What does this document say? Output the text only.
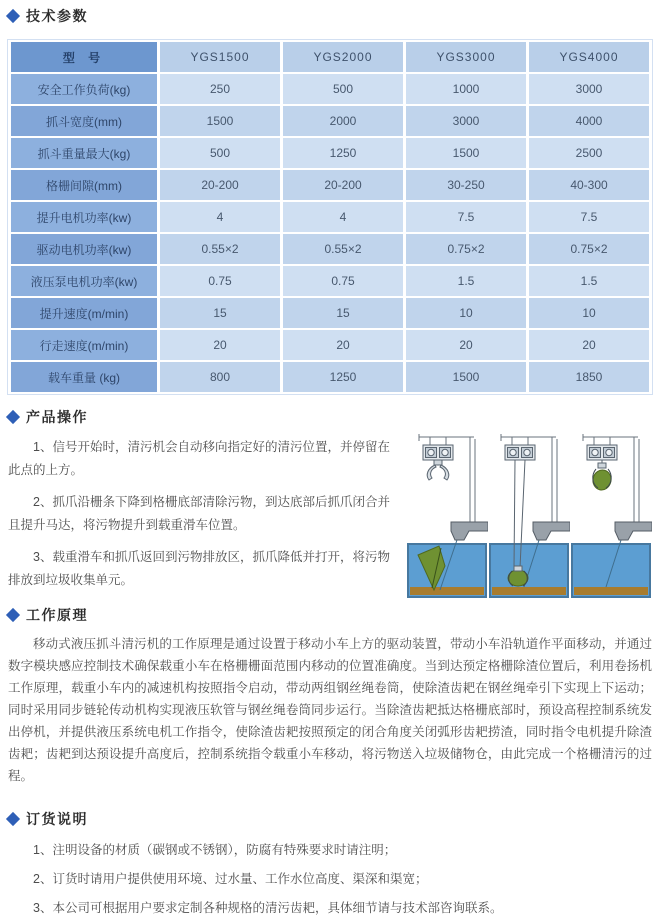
技术参数
型 号	YGS1500	YGS2000	YGS3000	YGS4000
安全工作负荷(kg)	250	500	1000	3000
抓斗宽度(mm)	1500	2000	3000	4000
抓斗重量最大(kg)	500	1250	1500	2500
格栅间隙(mm)	20-200	20-200	30-250	40-300
提升电机功率(kw)	4	4	7.5	7.5
驱动电机功率(kw)	0.55×2	0.55×2	0.75×2	0.75×2
液压泵电机功率(kw)	0.75	0.75	1.5	1.5
提升速度(m/min)	15	15	10	10
行走速度(m/min)	20	20	20	20
载车重量 (kg)	800	1250	1500	1850
产品操作

1、信号开始时，清污机会自动移向指定好的清污位置，并停留在此点的上方。

2、抓爪沿栅条下降到格栅底部清除污物，到达底部后抓爪闭合并且提升马达，将污物提升到载重滑车位置。

3、载重滑车和抓爪返回到污物排放区，抓爪降低并打开，将污物排放到垃圾收集单元。

工作原理

移动式液压抓斗清污机的工作原理是通过设置于移动小车上方的驱动装置，带动小车沿轨道作平面移动，并通过数字模块感应控制技术确保载重小车在格栅栅面范围内移动的位置准确度。当到达预定格栅除渣位置后，利用卷扬机工作原理，载重小车内的减速机构按照指令启动，带动两组钢丝绳卷筒，使除渣齿耙在钢丝绳牵引下实现上下运动；同时采用同步链轮传动机构实现液压软管与钢丝绳卷筒同步运行。当除渣齿耙抵达格栅底部时，预设高程控制系统发出停机，并提供液压系统电机工作指令，使除渣齿耙按照预定的闭合角度关闭弧形齿耙捞渣，同时指令电机提升除渣齿耙；齿耙到达预设提升高度后，控制系统指令载重小车移动，将污物送入垃圾储物仓，由此完成一个格栅清污的过程。

订货说明

1、注明设备的材质（碳钢或不锈钢），防腐有特殊要求时请注明；

2、订货时请用户提供使用环境、过水量、工作水位高度、渠深和渠宽；

3、本公司可根据用户要求定制各种规格的清污齿耙，具体细节请与技术部咨询联系。
